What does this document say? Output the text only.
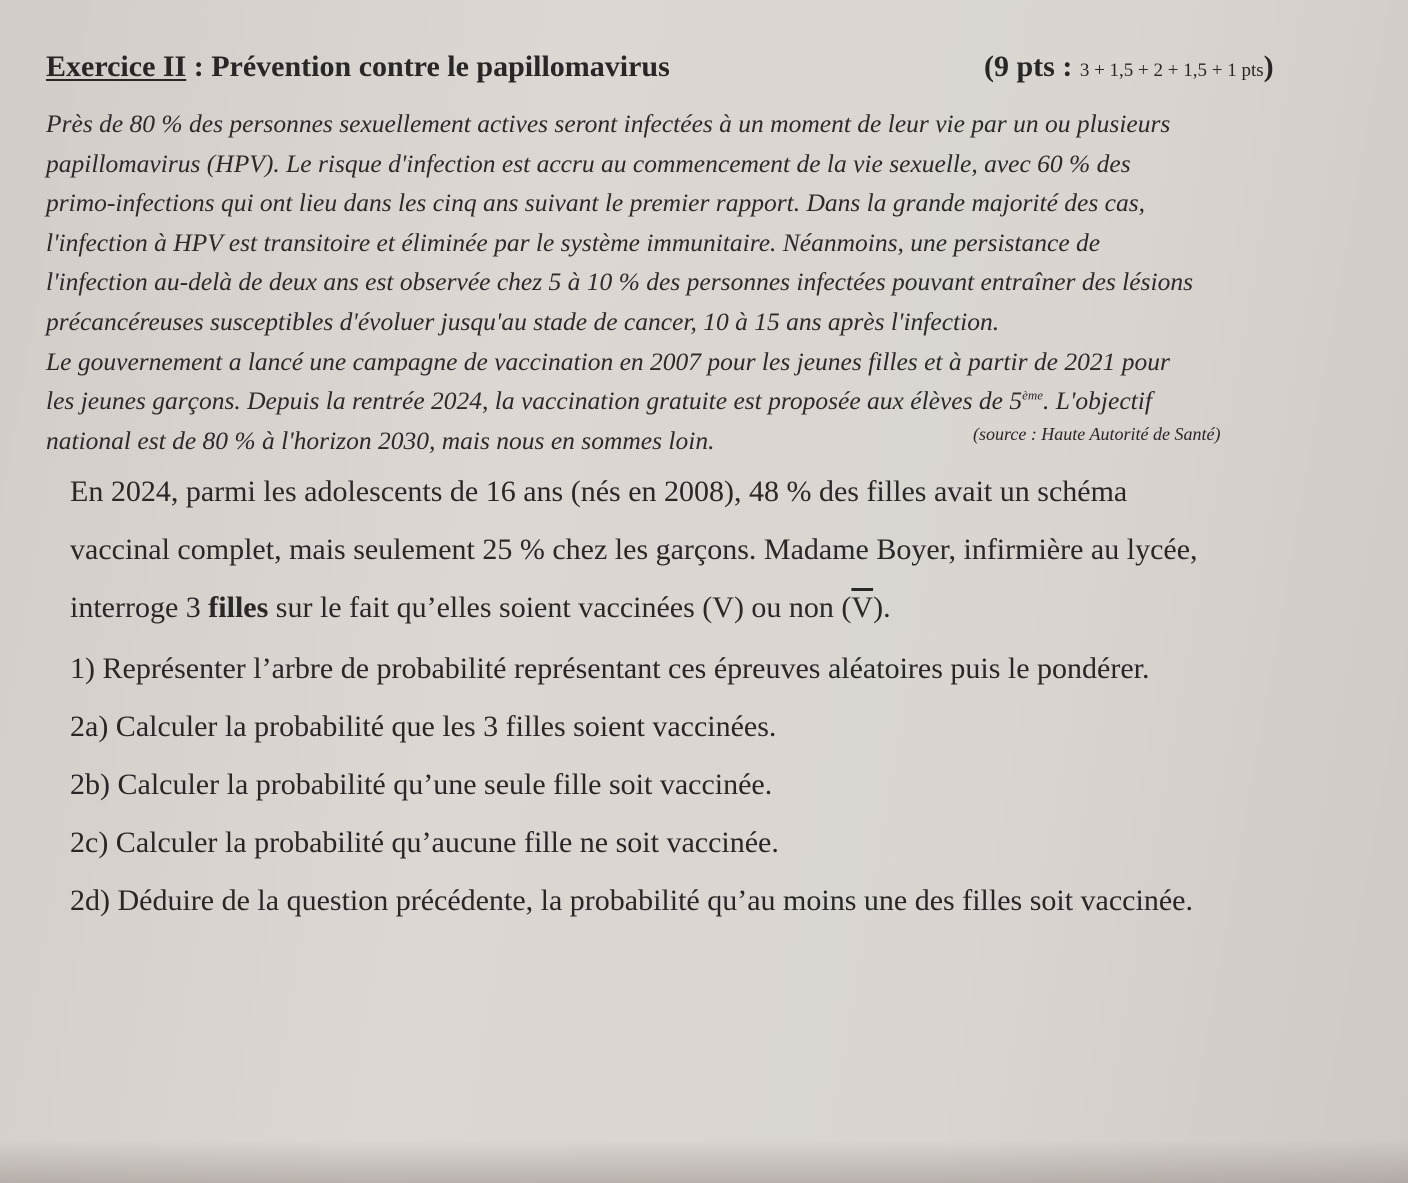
Exercice II : Prévention contre le papillomavirus	(9 pts : 3 + 1,5 + 2 + 1,5 + 1 pts)
Près de 80 % des personnes sexuellement actives seront infectées à un moment de leur vie par un ou plusieurs
papillomavirus (HPV). Le risque d'infection est accru au commencement de la vie sexuelle, avec 60 % des
primo-infections qui ont lieu dans les cinq ans suivant le premier rapport. Dans la grande majorité des cas,
l'infection à HPV est transitoire et éliminée par le système immunitaire. Néanmoins, une persistance de
l'infection au-delà de deux ans est observée chez 5 à 10 % des personnes infectées pouvant entraîner des lésions
précancéreuses susceptibles d'évoluer jusqu'au stade de cancer, 10 à 15 ans après l'infection.
Le gouvernement a lancé une campagne de vaccination en 2007 pour les jeunes filles et à partir de 2021 pour
les jeunes garçons. Depuis la rentrée 2024, la vaccination gratuite est proposée aux élèves de 5ème. L'objectif
national est de 80 % à l'horizon 2030, mais nous en sommes loin.	(source : Haute Autorité de Santé)
En 2024, parmi les adolescents de 16 ans (nés en 2008), 48 % des filles avait un schéma
vaccinal complet, mais seulement 25 % chez les garçons. Madame Boyer, infirmière au lycée,
interroge 3 filles sur le fait qu’elles soient vaccinées (V) ou non $(\overline{V})$.
1) Représenter l’arbre de probabilité représentant ces épreuves aléatoires puis le pondérer.
2a) Calculer la probabilité que les 3 filles soient vaccinées.
2b) Calculer la probabilité qu’une seule fille soit vaccinée.
2c) Calculer la probabilité qu’aucune fille ne soit vaccinée.
2d) Déduire de la question précédente, la probabilité qu’au moins une des filles soit vaccinée.
